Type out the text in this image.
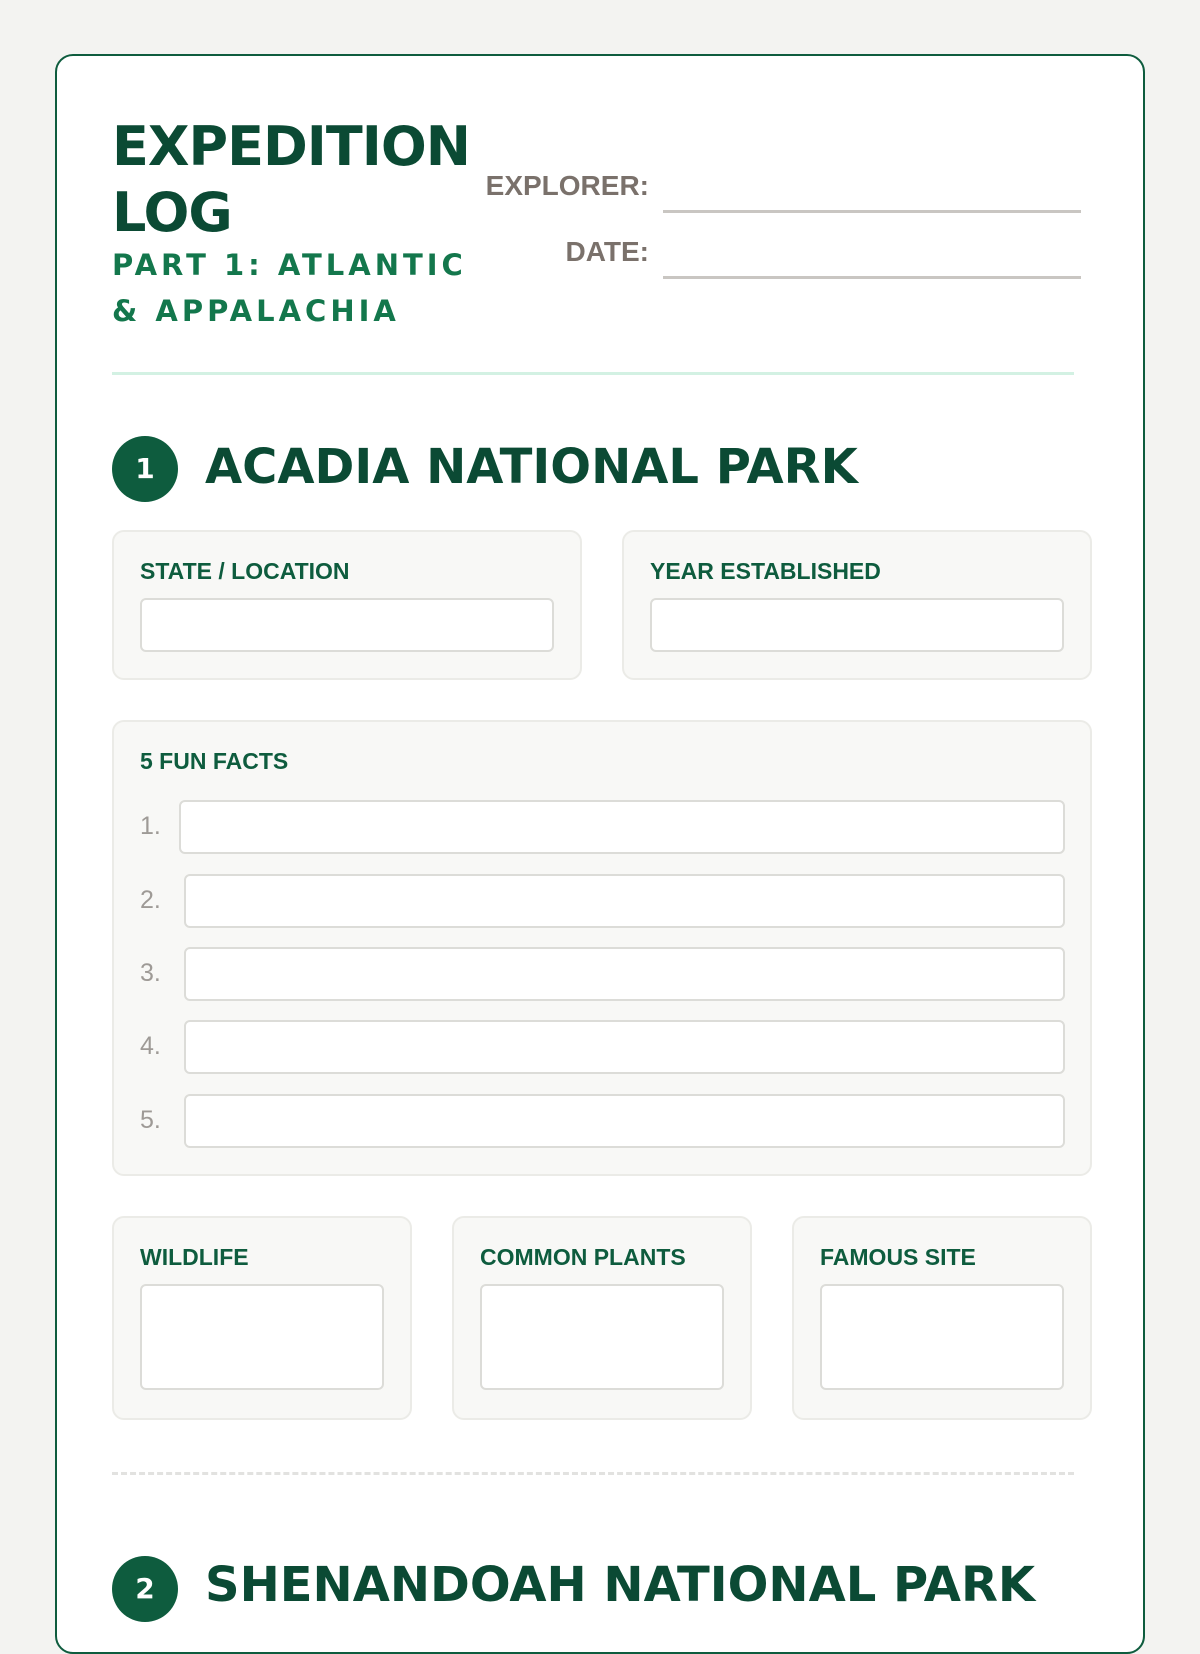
EXPEDITION LOG
PART 1: ATLANTIC & APPALACHIA
EXPLORER:
DATE:
1	ACADIA NATIONAL PARK
STATE / LOCATION	YEAR ESTABLISHED
5 FUN FACTS
1.
2.
3.
4.
5.
WILDLIFE	COMMON PLANTS	FAMOUS SITE
2	SHENANDOAH NATIONAL PARK
